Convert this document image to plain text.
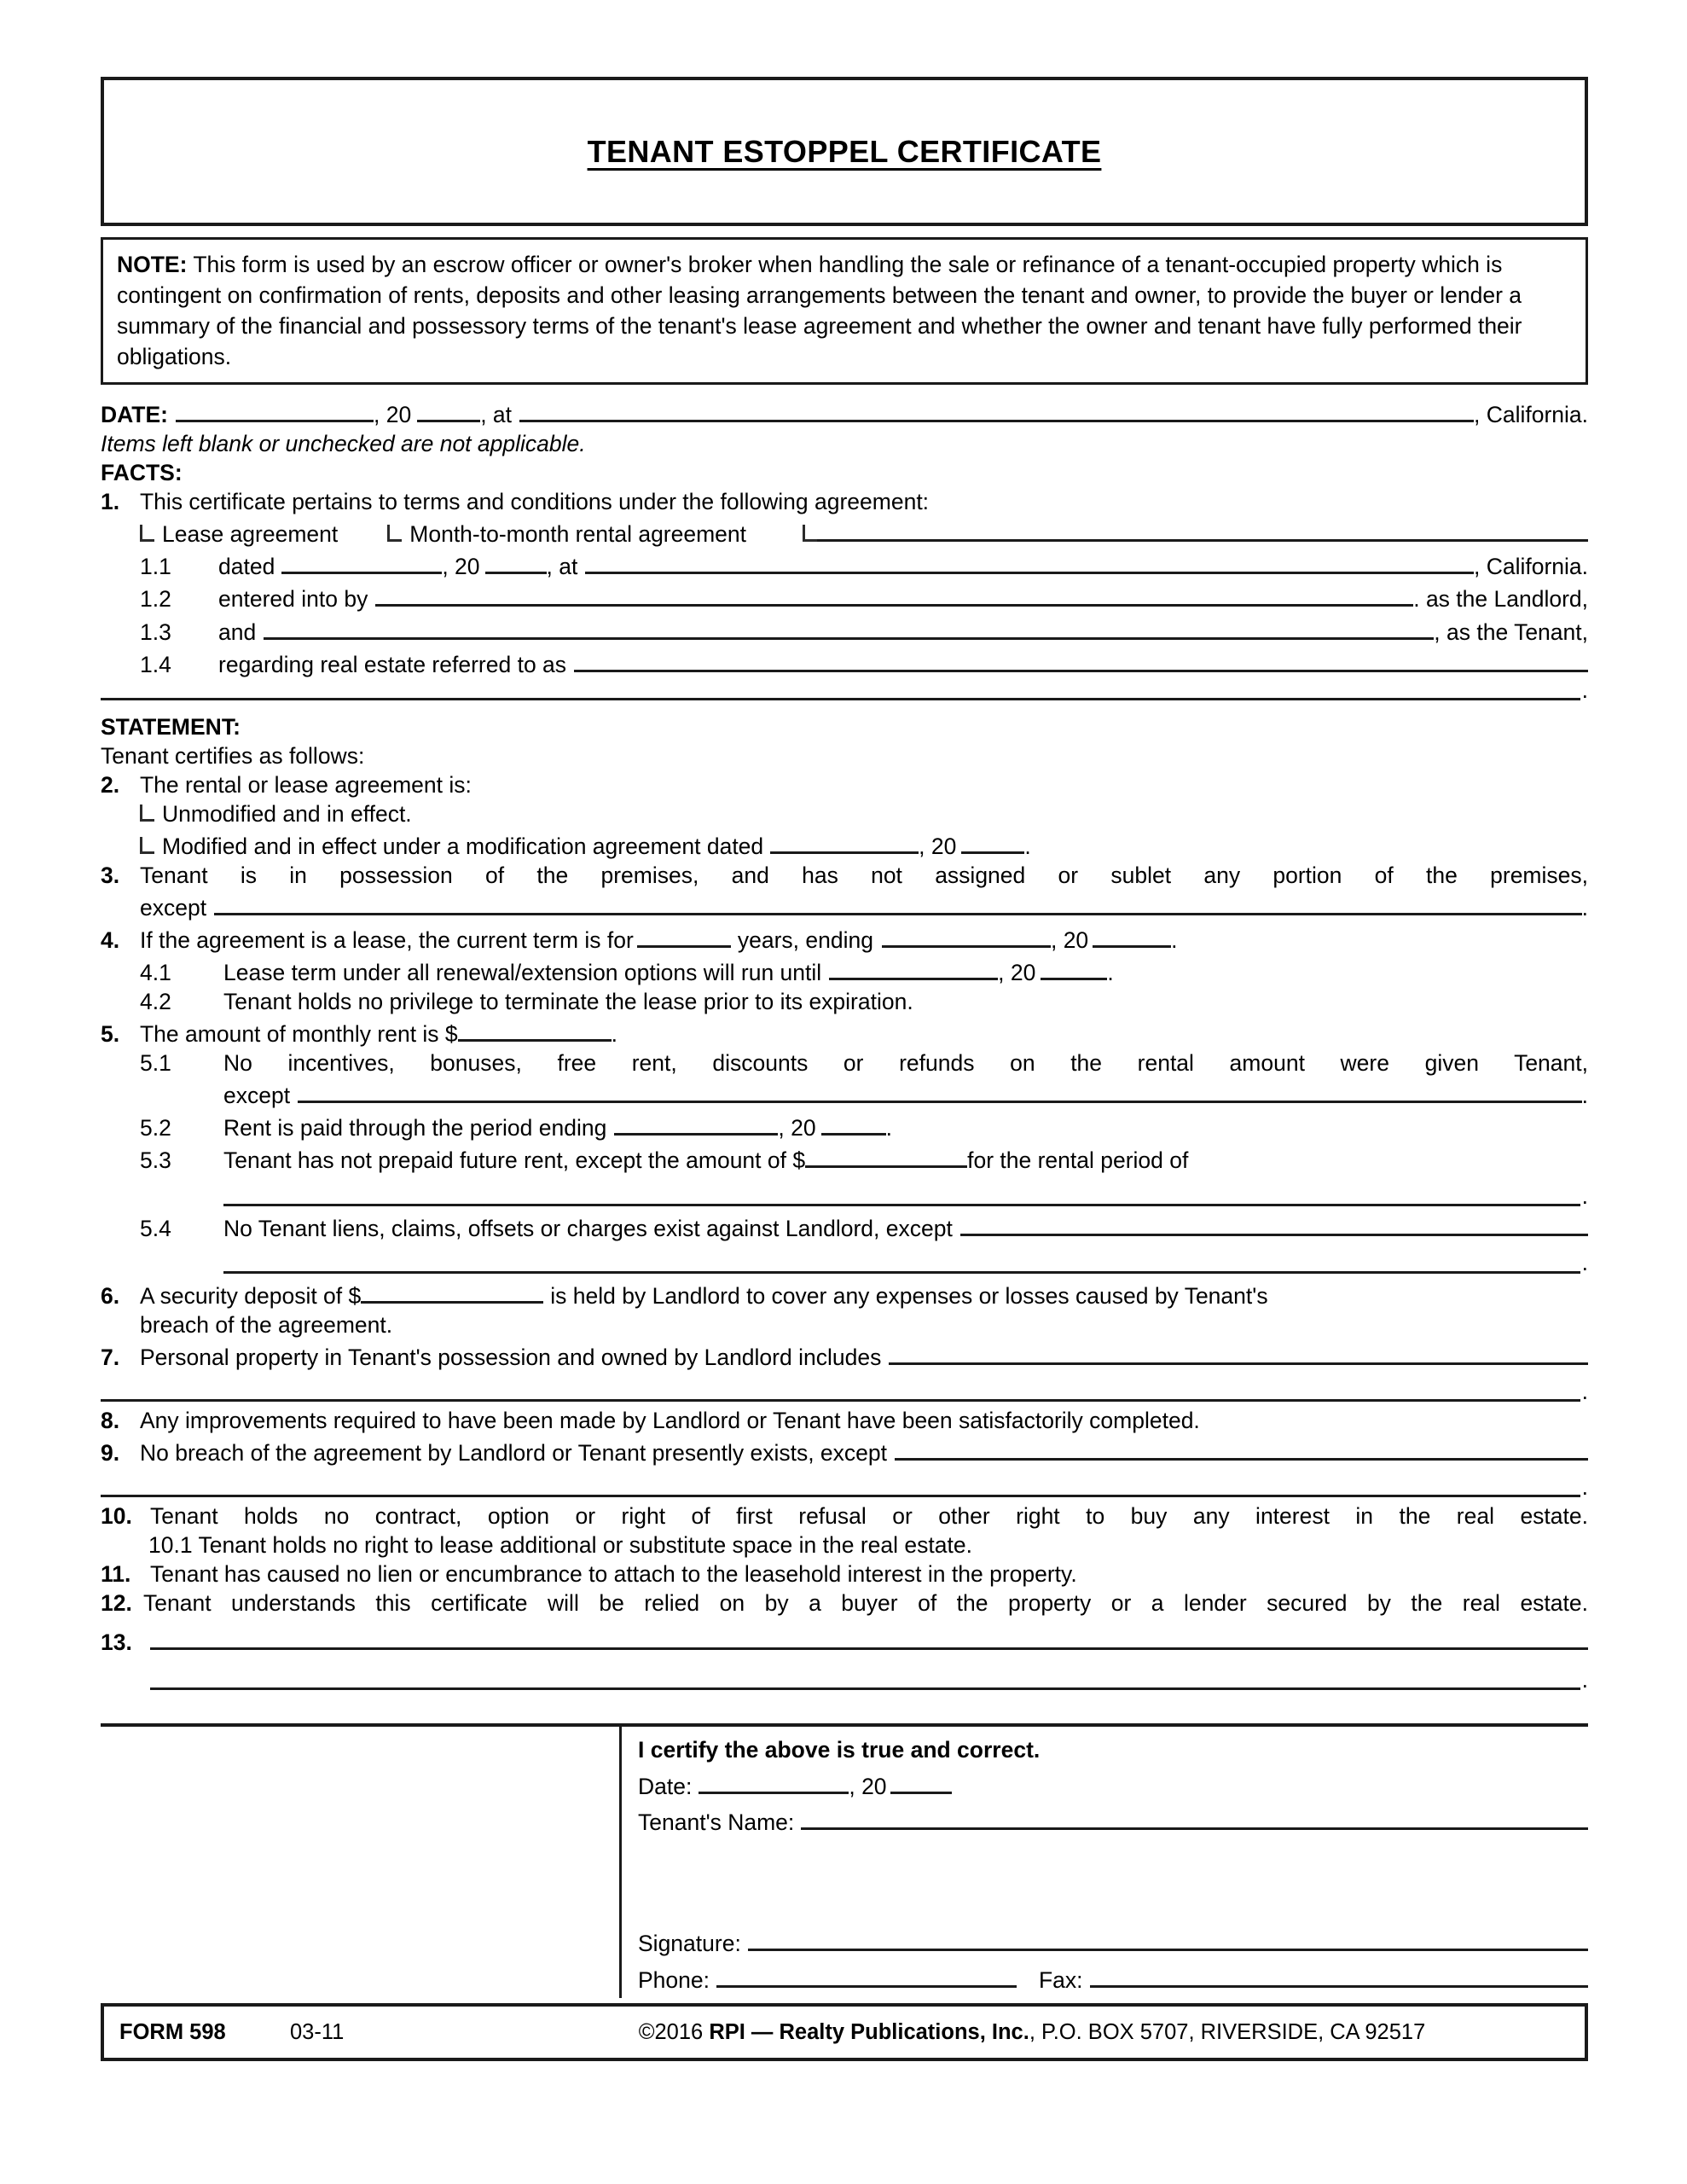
TENANT ESTOPPEL CERTIFICATE
NOTE: This form is used by an escrow officer or owner's broker when handling the sale or refinance of a tenant-occupied property which is contingent on confirmation of rents, deposits and other leasing arrangements between the tenant and owner, to provide the buyer or lender a summary of the financial and possessory terms of the tenant's lease agreement and whether the owner and tenant have fully performed their obligations.
DATE:	, 20	, at	, California.
Items left blank or unchecked are not applicable.
FACTS:
1. This certificate pertains to terms and conditions under the following agreement:
Lease agreement
	Month-to-month rental agreement

1.1	dated	, 20	, at	, California.
1.2	entered into by	. as the Landlord,
1.3	and	, as the Tenant,
1.4	regarding real estate referred to as
.
STATEMENT:
Tenant certifies as follows:
2. The rental or lease agreement is:
Unmodified and in effect.
Modified and in effect under a modification agreement dated	, 20	.
3. Tenant is in possession of the premises, and has not assigned or sublet any portion of the premises,
except	.
4. If the agreement is a lease, the current term is for	years, ending	, 20	.
4.1	Lease term under all renewal/extension options will run until	, 20	.
4.2	Tenant holds no privilege to terminate the lease prior to its expiration.
5. The amount of monthly rent is $	.
5.1	No incentives, bonuses, free rent, discounts or refunds on the rental amount were given Tenant,
except	.
5.2	Rent is paid through the period ending	, 20	.
5.3	Tenant has not prepaid future rent, except the amount of $	for the rental period of
.
5.4	No Tenant liens, claims, offsets or charges exist against Landlord, except
.
6. A security deposit of $	is held by Landlord to cover any expenses or losses caused by Tenant's
breach of the agreement.
7. Personal property in Tenant's possession and owned by Landlord includes
.
8. Any improvements required to have been made by Landlord or Tenant have been satisfactorily completed.
9. No breach of the agreement by Landlord or Tenant presently exists, except
.
10. Tenant holds no contract, option or right of first refusal or other right to buy any interest in the real estate.
10.1 Tenant holds no right to lease additional or substitute space in the real estate.
11. Tenant has caused no lien or encumbrance to attach to the leasehold interest in the property.
12. Tenant understands this certificate will be relied on by a buyer of the property or a lender secured by the real estate.
13.
.
I certify the above is true and correct.
Date:	, 20
Tenant's Name:
Signature:
Phone:	Fax:
FORM 598	03-11	©2016 RPI — Realty Publications, Inc., P.O. BOX 5707, RIVERSIDE, CA 92517
